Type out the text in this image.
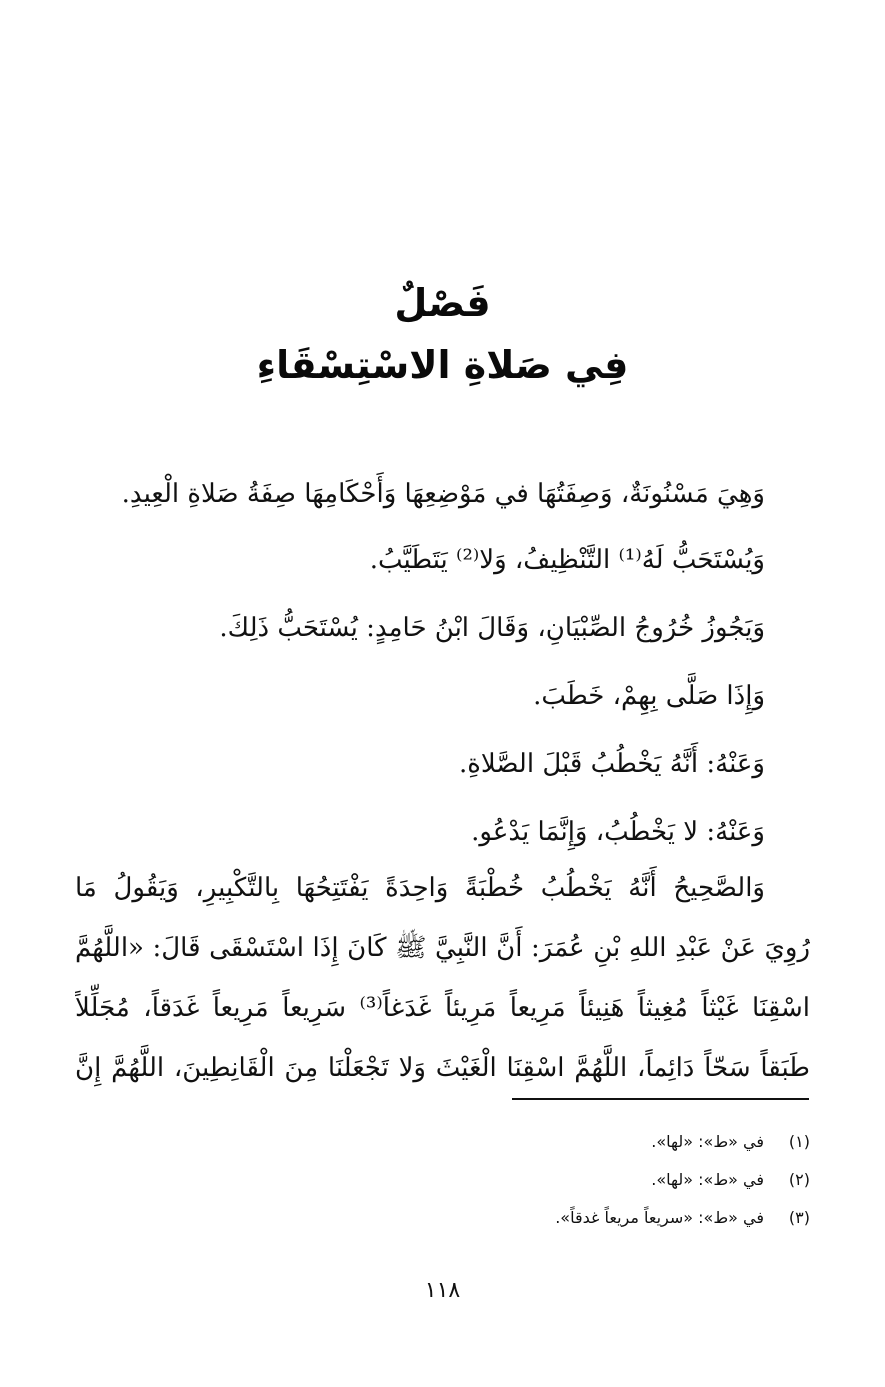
فَصْلٌ
فِي صَلاةِ الاسْتِسْقَاءِ
وَهِيَ مَسْنُونَةٌ، وَصِفَتُهَا في مَوْضِعِهَا وَأَحْكَامِهَا صِفَةُ صَلاةِ الْعِيدِ.
وَيُسْتَحَبُّ لَهُ⁽¹⁾ التَّنْظِيفُ، وَلا⁽²⁾ يَتَطَيَّبُ.
وَيَجُوزُ خُرُوجُ الصِّبْيَانِ، وَقَالَ ابْنُ حَامِدٍ: يُسْتَحَبُّ ذَلِكَ.
وَإِذَا صَلَّى بِهِمْ، خَطَبَ.
وَعَنْهُ: أَنَّهُ يَخْطُبُ قَبْلَ الصَّلاةِ.
وَعَنْهُ: لا يَخْطُبُ، وَإِنَّمَا يَدْعُو.
وَالصَّحِيحُ أَنَّهُ يَخْطُبُ خُطْبَةً وَاحِدَةً يَفْتَتِحُهَا بِالتَّكْبِيرِ، وَيَقُولُ مَا
رُوِيَ عَنْ عَبْدِ اللهِ بْنِ عُمَرَ: أَنَّ النَّبِيَّ ﷺ كَانَ إِذَا اسْتَسْقَى قَالَ: «اللَّهُمَّ
اسْقِنَا غَيْثاً مُغِيثاً هَنِيئاً مَرِيعاً مَرِيئاً غَدَغاً⁽³⁾ سَرِيعاً مَرِيعاً غَدَقاً، مُجَلِّلاً
طَبَقاً سَحّاً دَائِماً، اللَّهُمَّ اسْقِنَا الْغَيْثَ وَلا تَجْعَلْنَا مِنَ الْقَانِطِينَ، اللَّهُمَّ إِنَّ
(١)في «ط»: «لها».
(٢)في «ط»: «لها».
(٣)في «ط»: «سريعاً مريعاً غدقاً».
١١٨
